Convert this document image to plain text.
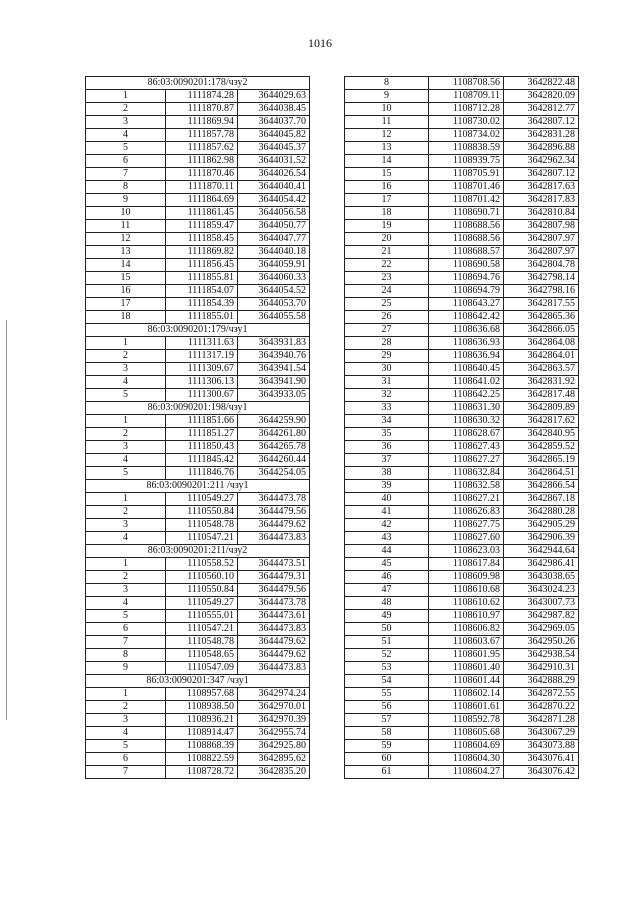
1016
86:03:0090201:178/чзу2		
1	1111874.28	3644029.63
2	1111870.87	3644038.45
3	1111869.94	3644037.70
4	1111857.78	3644045.82
5	1111857.62	3644045.37
6	1111862.98	3644031.52
7	1111870.46	3644026.54
8	1111870.11	3644040.41
9	1111864.69	3644054.42
10	1111861.45	3644056.58
11	1111859.47	3644050.77
12	1111858.45	3644047.77
13	1111869.82	3644040.18
14	1111856.45	3644059.91
15	1111855.81	3644060.33
16	1111854.07	3644054.52
17	1111854.39	3644053.70
18	1111855.01	3644055.58
86:03:0090201:179/чзу1		
1	1111311.63	3643931.83
2	1111317.19	3643940.76
3	1111309.67	3643941.54
4	1111306.13	3643941.90
5	1111300.67	3643933.05
86:03:0090201:198/чзу1		
1	1111851.66	3644259.90
2	1111851.27	3644261.80
3	1111850.43	3644265.78
4	1111845.42	3644260.44
5	1111846.76	3644254.05
86:03:0090201:211 /чзу1		
1	1110549.27	3644473.78
2	1110550.84	3644479.56
3	1110548.78	3644479.62
4	1110547.21	3644473.83
86:03:0090201:211/чзу2		
1	1110558.52	3644473.51
2	1110560.10	3644479.31
3	1110550.84	3644479.56
4	1110549.27	3644473.78
5	1110555.01	3644473.61
6	1110547.21	3644473.83
7	1110548.78	3644479.62
8	1110548.65	3644479.62
9	1110547.09	3644473.83
86:03:0090201:347 /чзу1		
1	1108957.68	3642974.24
2	1108938.50	3642970.01
3	1108936.21	3642970.39
4	1108914.47	3642955.74
5	1108868.39	3642925.80
6	1108822.59	3642895.62
7	1108728.72	3642835.20
8	1108708.56	3642822.48
9	1108709.11	3642820.09
10	1108712.28	3642812.77
11	1108730.02	3642807.12
12	1108734.02	3642831.28
13	1108838.59	3642896.88
14	1108939.75	3642962.34
15	1108705.91	3642807.12
16	1108701.46	3642817.63
17	1108701.42	3642817.83
18	1108690.71	3642810.84
19	1108688.56	3642807.98
20	1108688.56	3642807.97
21	1108688.57	3642807.97
22	1108690.58	3642804.78
23	1108694.76	3642798.14
24	1108694.79	3642798.16
25	1108643.27	3642817.55
26	1108642.42	3642865.36
27	1108636.68	3642866.05
28	1108636.93	3642864.08
29	1108636.94	3642864.01
30	1108640.45	3642863.57
31	1108641.02	3642831.92
32	1108642.25	3642817.48
33	1108631.30	3642809.89
34	1108630.32	3642817.62
35	1108628.67	3642840.95
36	1108627.43	3642859.52
37	1108627.27	3642865.19
38	1108632.84	3642864.51
39	1108632.58	3642866.54
40	1108627.21	3642867.18
41	1108626.83	3642880.28
42	1108627.75	3642905.29
43	1108627.60	3642906.39
44	1108623.03	3642944.64
45	1108617.84	3642986.41
46	1108609.98	3643038.65
47	1108610.68	3643024.23
48	1108610.62	3643007.73
49	1108610.97	3642987.82
50	1108606.82	3642969.05
51	1108603.67	3642950.26
52	1108601.95	3642938.54
53	1108601.40	3642910.31
54	1108601.44	3642888.29
55	1108602.14	3642872.55
56	1108601.61	3642870.22
57	1108592.78	3642871.28
58	1108605.68	3643067.29
59	1108604.69	3643073.88
60	1108604.30	3643076.41
61	1108604.27	3643076.42
